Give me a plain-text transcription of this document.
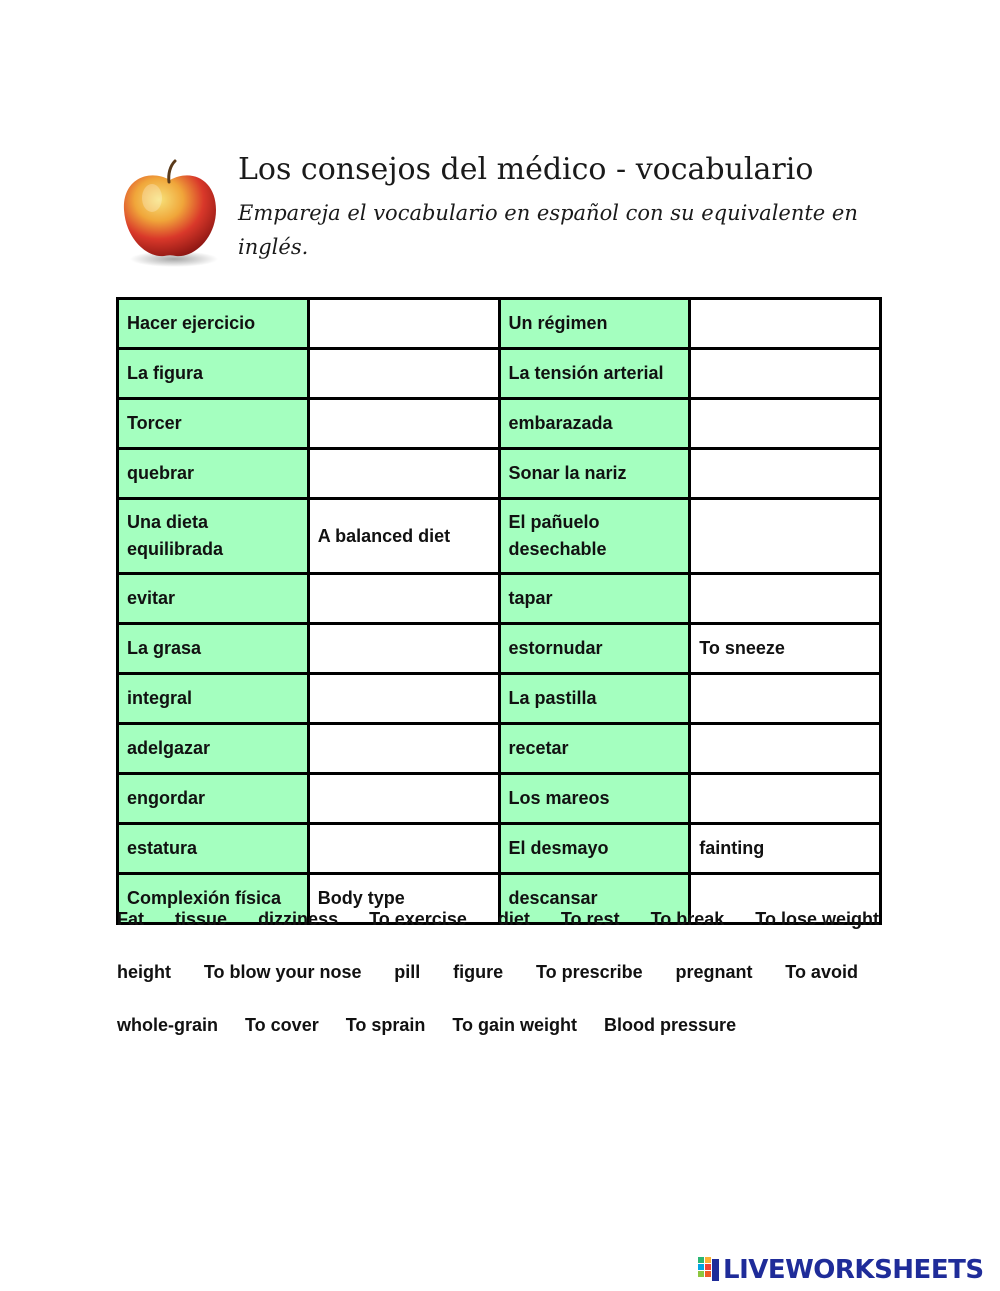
Los consejos del médico - vocabulario

Empareja el vocabulario en español con su equivalente en inglés.

Hacer ejercicio		Un régimen	
La figura		La tensión arterial	
Torcer		embarazada	
quebrar		Sonar la nariz	
Una dieta equilibrada	A balanced diet	El pañuelo desechable	
evitar		tapar	
La grasa		estornudar	To sneeze
integral		La pastilla	
adelgazar		recetar	
engordar		Los mareos	
estatura		El desmayo	fainting
Complexión física	Body type	descansar	
Fat tissue dizziness To exercise diet To rest To break To lose weight
height To blow your nose pill figure To prescribe pregnant To avoid
whole-grain To cover To sprain To gain weight Blood pressure
LIVEWORKSHEETS
